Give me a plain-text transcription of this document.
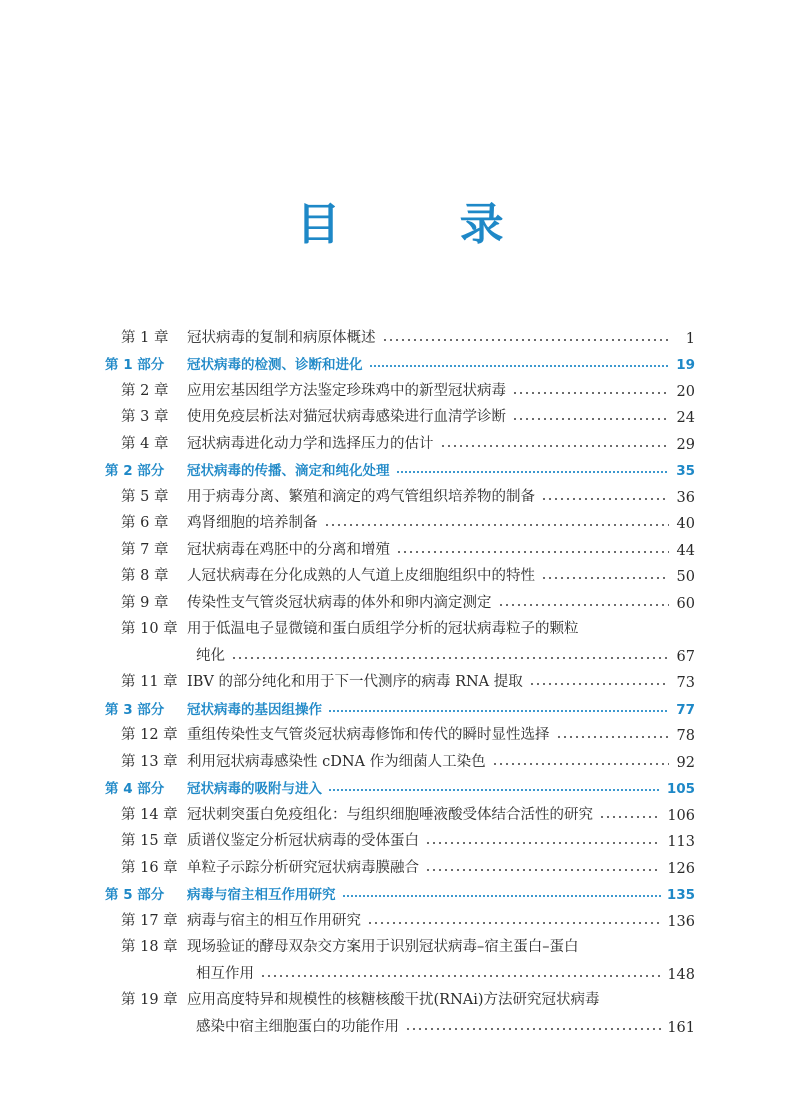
目 录
第 1 章	冠状病毒的复制和病原体概述	1
第 1 部分	冠状病毒的检测、诊断和进化	19
第 2 章	应用宏基因组学方法鉴定珍珠鸡中的新型冠状病毒	20
第 3 章	使用免疫层析法对猫冠状病毒感染进行血清学诊断	24
第 4 章	冠状病毒进化动力学和选择压力的估计	29
第 2 部分	冠状病毒的传播、滴定和纯化处理	35
第 5 章	用于病毒分离、繁殖和滴定的鸡气管组织培养物的制备	36
第 6 章	鸡肾细胞的培养制备	40
第 7 章	冠状病毒在鸡胚中的分离和增殖	44
第 8 章	人冠状病毒在分化成熟的人气道上皮细胞组织中的特性	50
第 9 章	传染性支气管炎冠状病毒的体外和卵内滴定测定	60
第 10 章 用于低温电子显微镜和蛋白质组学分析的冠状病毒粒子的颗粒
纯化	67
第 11 章 IBV 的部分纯化和用于下一代测序的病毒 RNA 提取	73
第 3 部分	冠状病毒的基因组操作	77
第 12 章 重组传染性支气管炎冠状病毒修饰和传代的瞬时显性选择	78
第 13 章 利用冠状病毒感染性 cDNA 作为细菌人工染色	92
第 4 部分	冠状病毒的吸附与进入	105
第 14 章 冠状刺突蛋白免疫组化：与组织细胞唾液酸受体结合活性的研究	106
第 15 章 质谱仪鉴定分析冠状病毒的受体蛋白	113
第 16 章 单粒子示踪分析研究冠状病毒膜融合	126
第 5 部分	病毒与宿主相互作用研究	135
第 17 章 病毒与宿主的相互作用研究	136
第 18 章 现场验证的酵母双杂交方案用于识别冠状病毒–宿主蛋白–蛋白
相互作用	148
第 19 章 应用高度特异和规模性的核糖核酸干扰(RNAi)方法研究冠状病毒
感染中宿主细胞蛋白的功能作用	161
